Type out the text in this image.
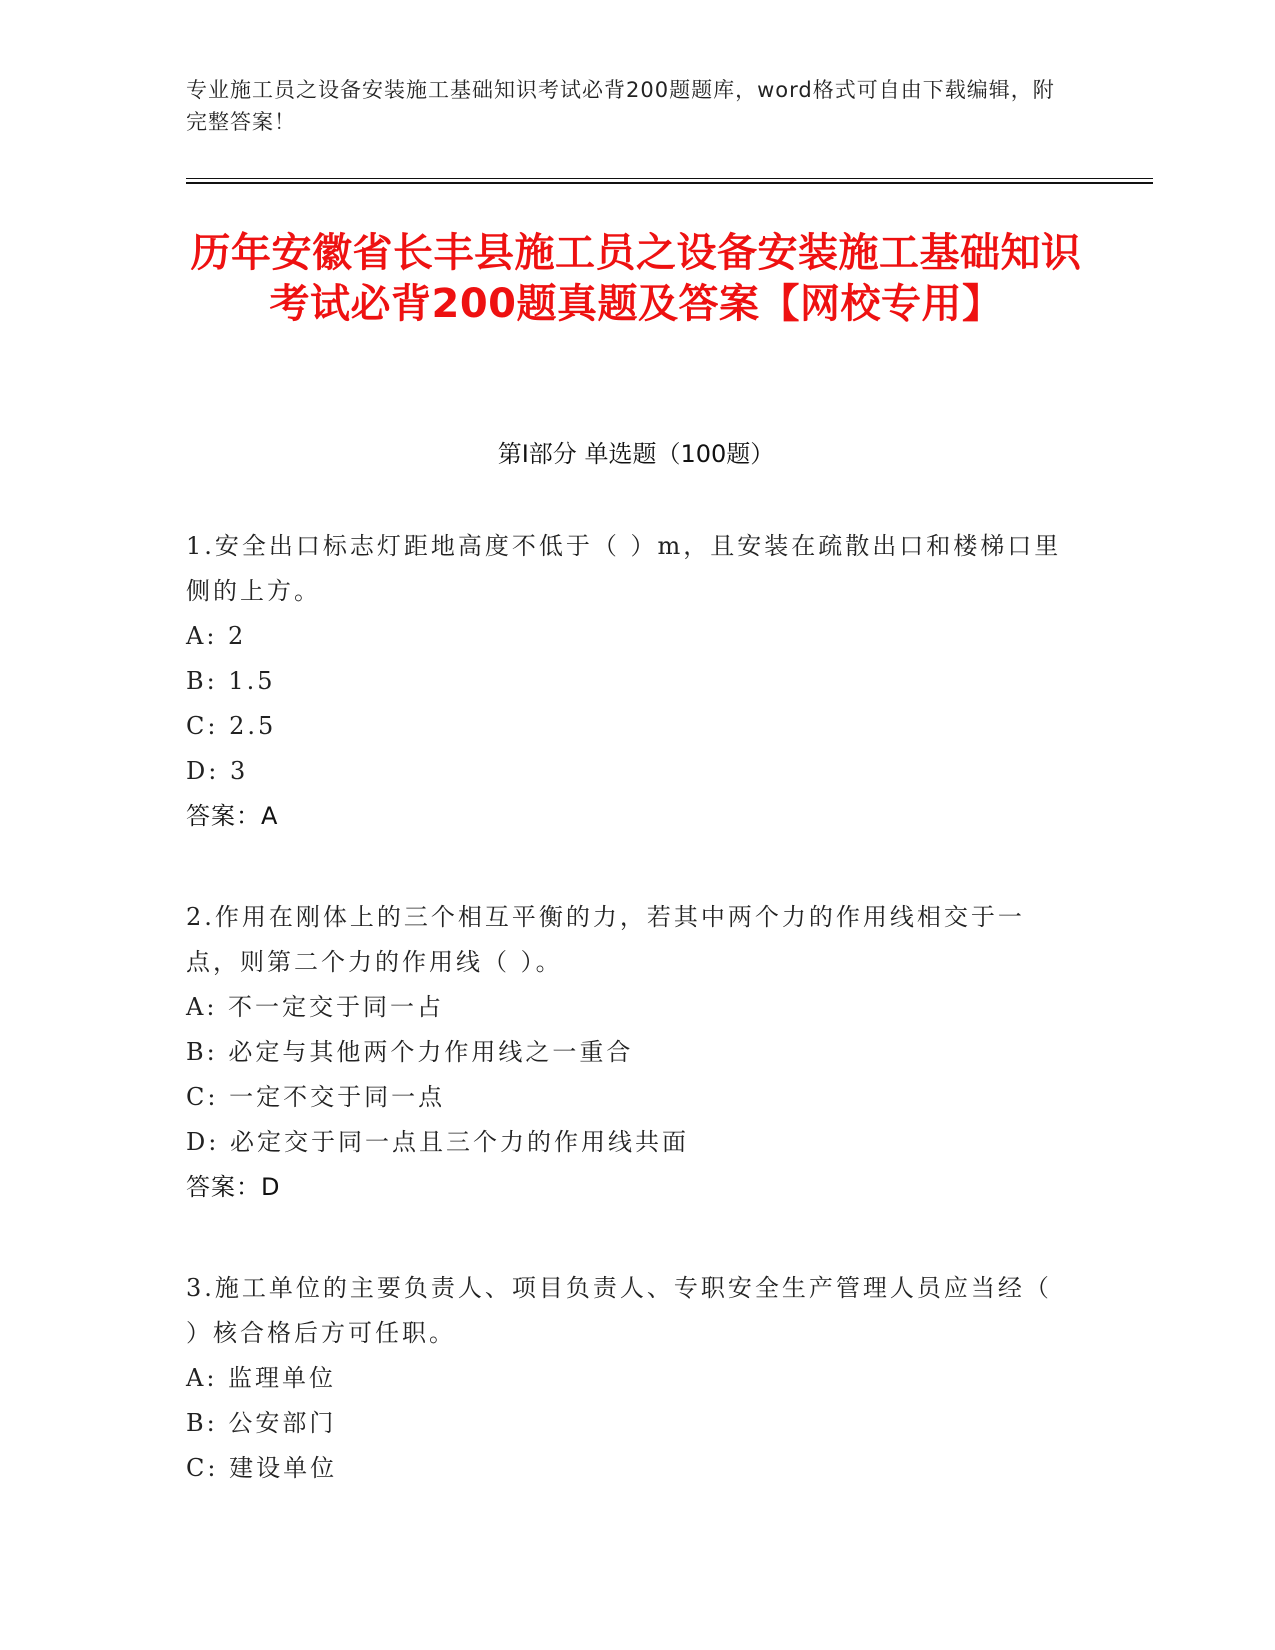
专业施工员之设备安装施工基础知识考试必背200题题库，word格式可自由下载编辑，附完整答案！
历年安徽省长丰县施工员之设备安装施工基础知识考试必背200题真题及答案【网校专用】
第I部分 单选题（100题）
1.安全出口标志灯距地高度不低于（ ）m，且安装在疏散出口和楼梯口里侧的上方。
A: 2
B: 1.5
C: 2.5
D: 3
答案：A
2.作用在刚体上的三个相互平衡的力，若其中两个力的作用线相交于一点，则第二个力的作用线（ ）。
A: 不一定交于同一占
B: 必定与其他两个力作用线之一重合
C: 一定不交于同一点
D: 必定交于同一点且三个力的作用线共面
答案：D
3.施工单位的主要负责人、项目负责人、专职安全生产管理人员应当经（ ）核合格后方可任职。
A: 监理单位
B: 公安部门
C: 建设单位
